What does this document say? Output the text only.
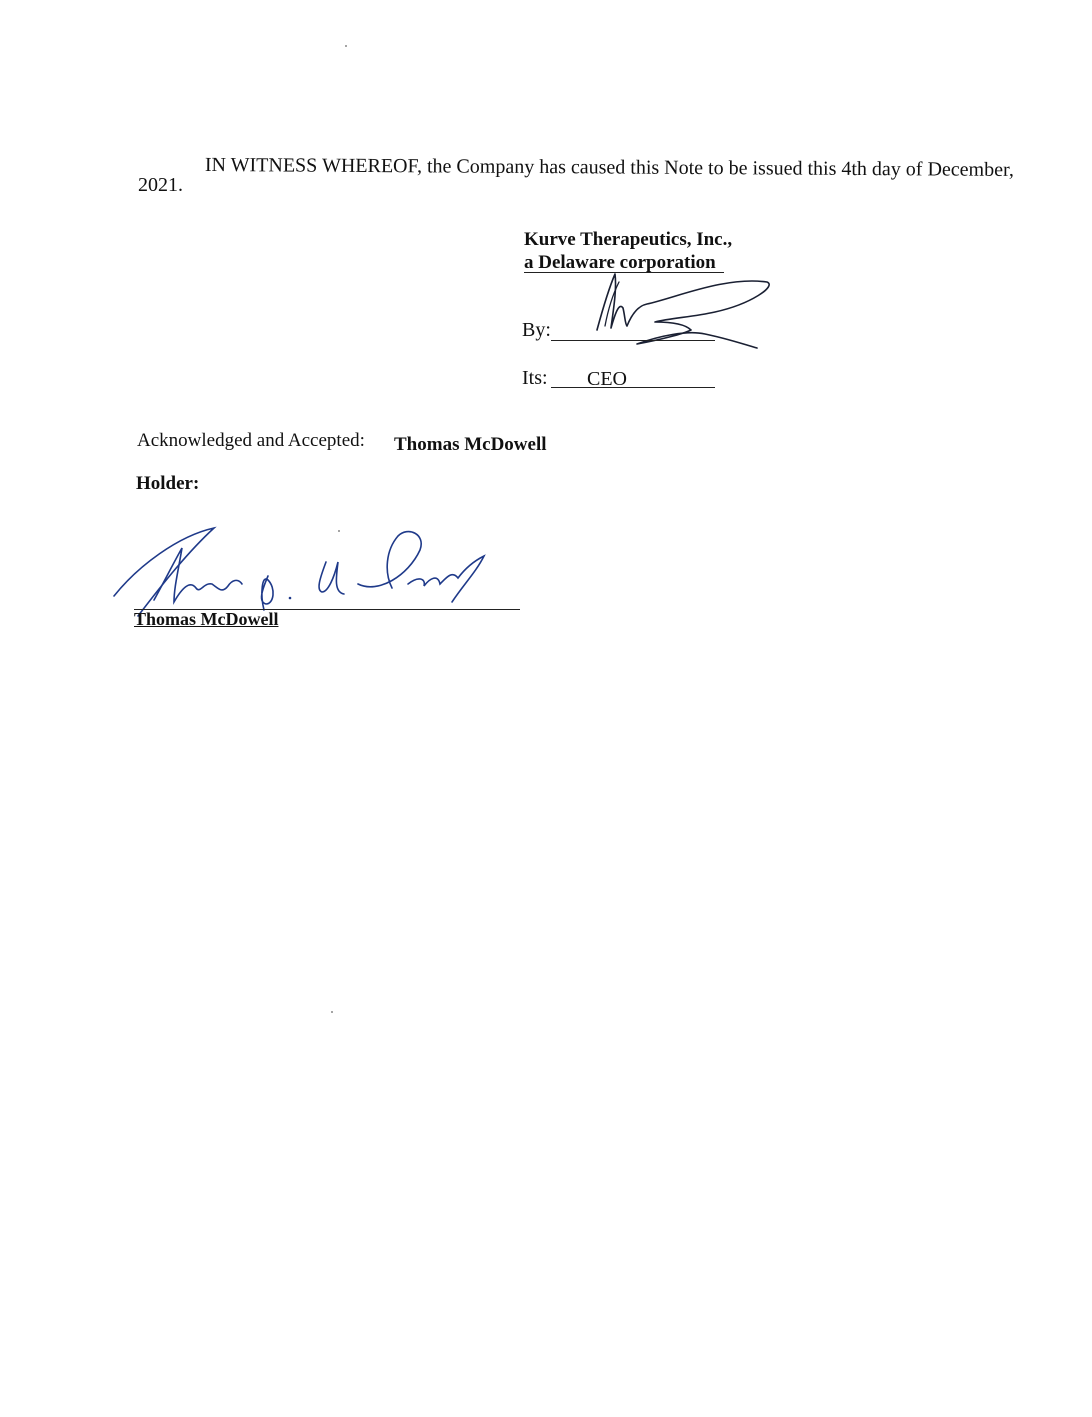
IN WITNESS WHEREOF, the Company has caused this Note to be issued this 4th day of December,
2021.
Kurve Therapeutics, Inc.,
a Delaware corporation
By:
Its: CEO
Acknowledged and Accepted: Thomas McDowell
Holder:
Thomas McDowell
